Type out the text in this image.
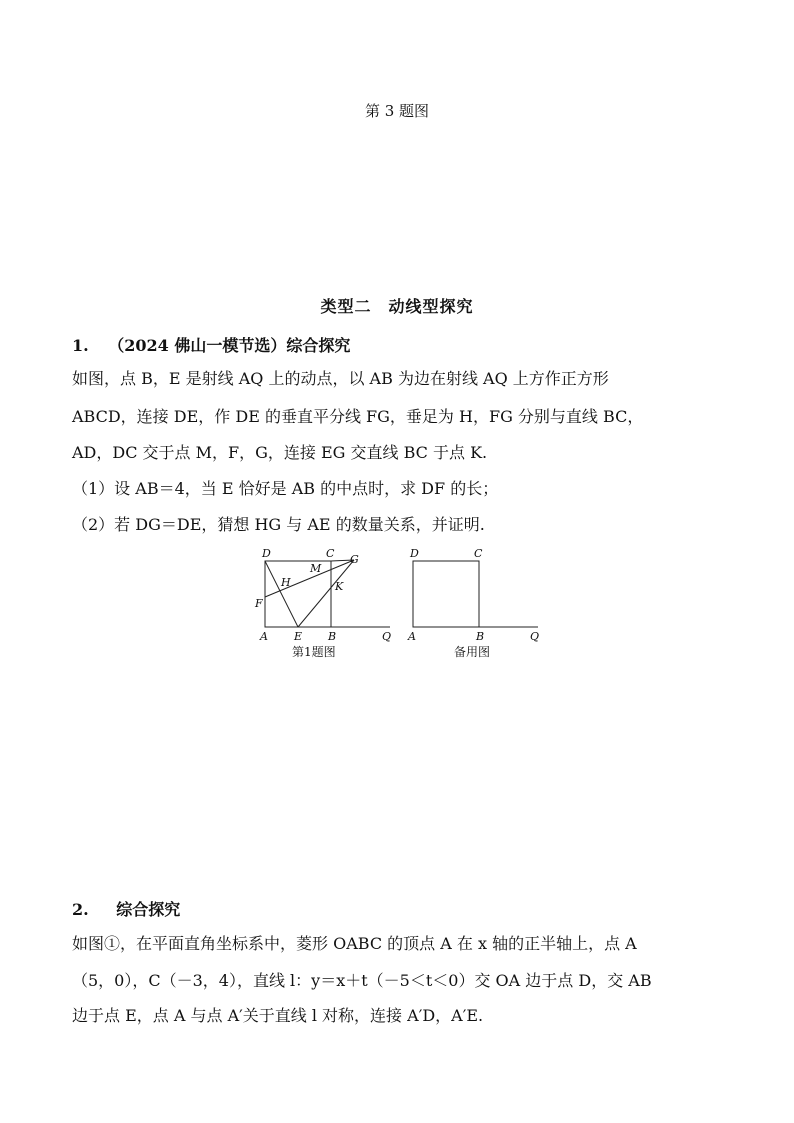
第 3 题图
类型二　动线型探究
1. （2024 佛山一模节选）综合探究
如图，点 B，E 是射线 AQ 上的动点，以 AB 为边在射线 AQ 上方作正方形
ABCD，连接 DE，作 DE 的垂直平分线 FG，垂足为 H，FG 分别与直线 BC，
AD，DC 交于点 M，F，G，连接 EG 交直线 BC 于点 K.
（1）设 AB＝4，当 E 恰好是 AB 的中点时，求 DF 的长；
（2）若 DG＝DE，猜想 HG 与 AE 的数量关系，并证明.
D	C G
M
H	K
F
A E B	Q
第1题图
D	C
A	B	Q
备用图
2. 综合探究
如图①，在平面直角坐标系中，菱形 OABC 的顶点 A 在 x 轴的正半轴上，点 A
（5，0），C（－3，4），直线 l：y＝x＋t（－5＜t＜0）交 OA 边于点 D，交 AB
边于点 E，点 A 与点 A′关于直线 l 对称，连接 A′D，A′E.
